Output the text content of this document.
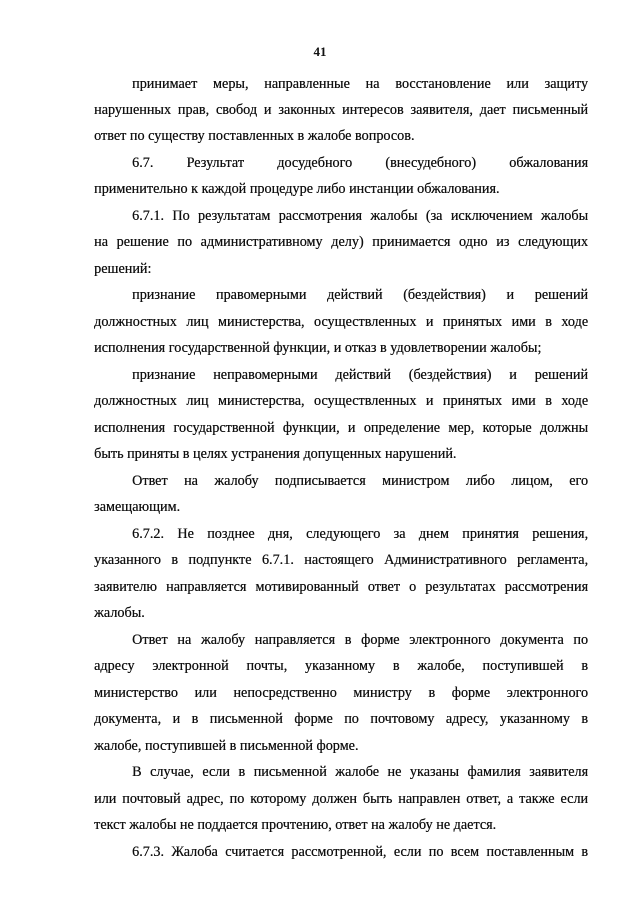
41
принимает меры, направленные на восстановление или защиту
нарушенных прав, свобод и законных интересов заявителя, дает письменный
ответ по существу поставленных в жалобе вопросов.
6.7. Результат досудебного (внесудебного) обжалования
применительно к каждой процедуре либо инстанции обжалования.
6.7.1. По результатам рассмотрения жалобы (за исключением жалобы
на решение по административному делу) принимается одно из следующих
решений:
признание правомерными действий (бездействия) и решений
должностных лиц министерства, осуществленных и принятых ими в ходе
исполнения государственной функции, и отказ в удовлетворении жалобы;
признание неправомерными действий (бездействия) и решений
должностных лиц министерства, осуществленных и принятых ими в ходе
исполнения государственной функции, и определение мер, которые должны
быть приняты в целях устранения допущенных нарушений.
Ответ на жалобу подписывается министром либо лицом, его
замещающим.
6.7.2. Не позднее дня, следующего за днем принятия решения,
указанного в подпункте 6.7.1. настоящего Административного регламента,
заявителю направляется мотивированный ответ о результатах рассмотрения
жалобы.
Ответ на жалобу направляется в форме электронного документа по
адресу электронной почты, указанному в жалобе, поступившей в
министерство или непосредственно министру в форме электронного
документа, и в письменной форме по почтовому адресу, указанному в
жалобе, поступившей в письменной форме.
В случае, если в письменной жалобе не указаны фамилия заявителя
или почтовый адрес, по которому должен быть направлен ответ, а также если
текст жалобы не поддается прочтению, ответ на жалобу не дается.
6.7.3. Жалоба считается рассмотренной, если по всем поставленным в
